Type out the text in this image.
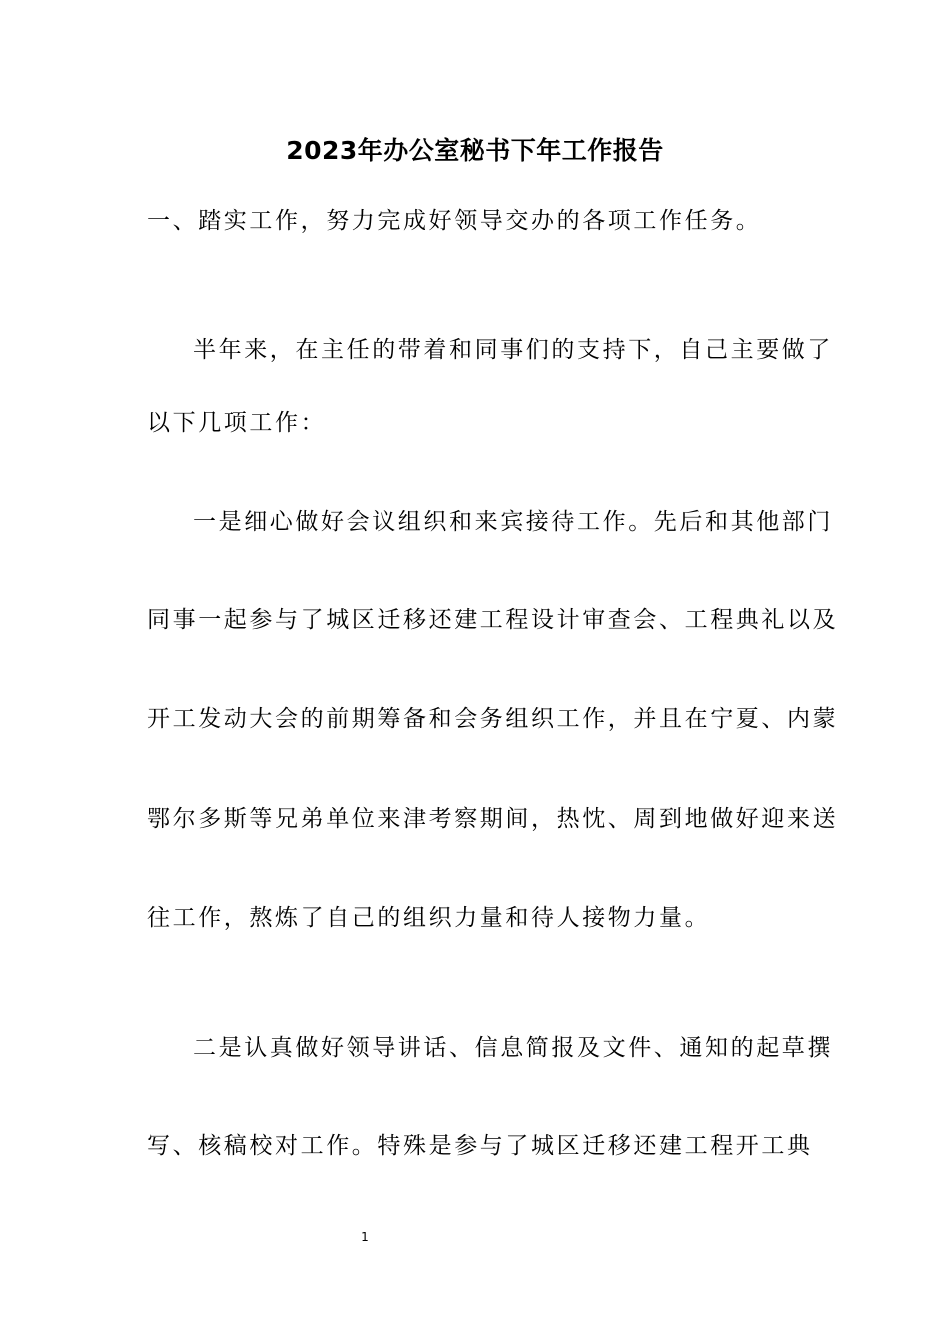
2023年办公室秘书下年工作报告
一、踏实工作，努力完成好领导交办的各项工作任务。
半年来，在主任的带着和同事们的支持下，自己主要做了
以下几项工作：
一是细心做好会议组织和来宾接待工作。先后和其他部门
同事一起参与了城区迁移还建工程设计审查会、工程典礼以及
开工发动大会的前期筹备和会务组织工作，并且在宁夏、内蒙
鄂尔多斯等兄弟单位来津考察期间，热忱、周到地做好迎来送
往工作，熬炼了自己的组织力量和待人接物力量。
二是认真做好领导讲话、信息简报及文件、通知的起草撰
写、核稿校对工作。特殊是参与了城区迁移还建工程开工典
1
